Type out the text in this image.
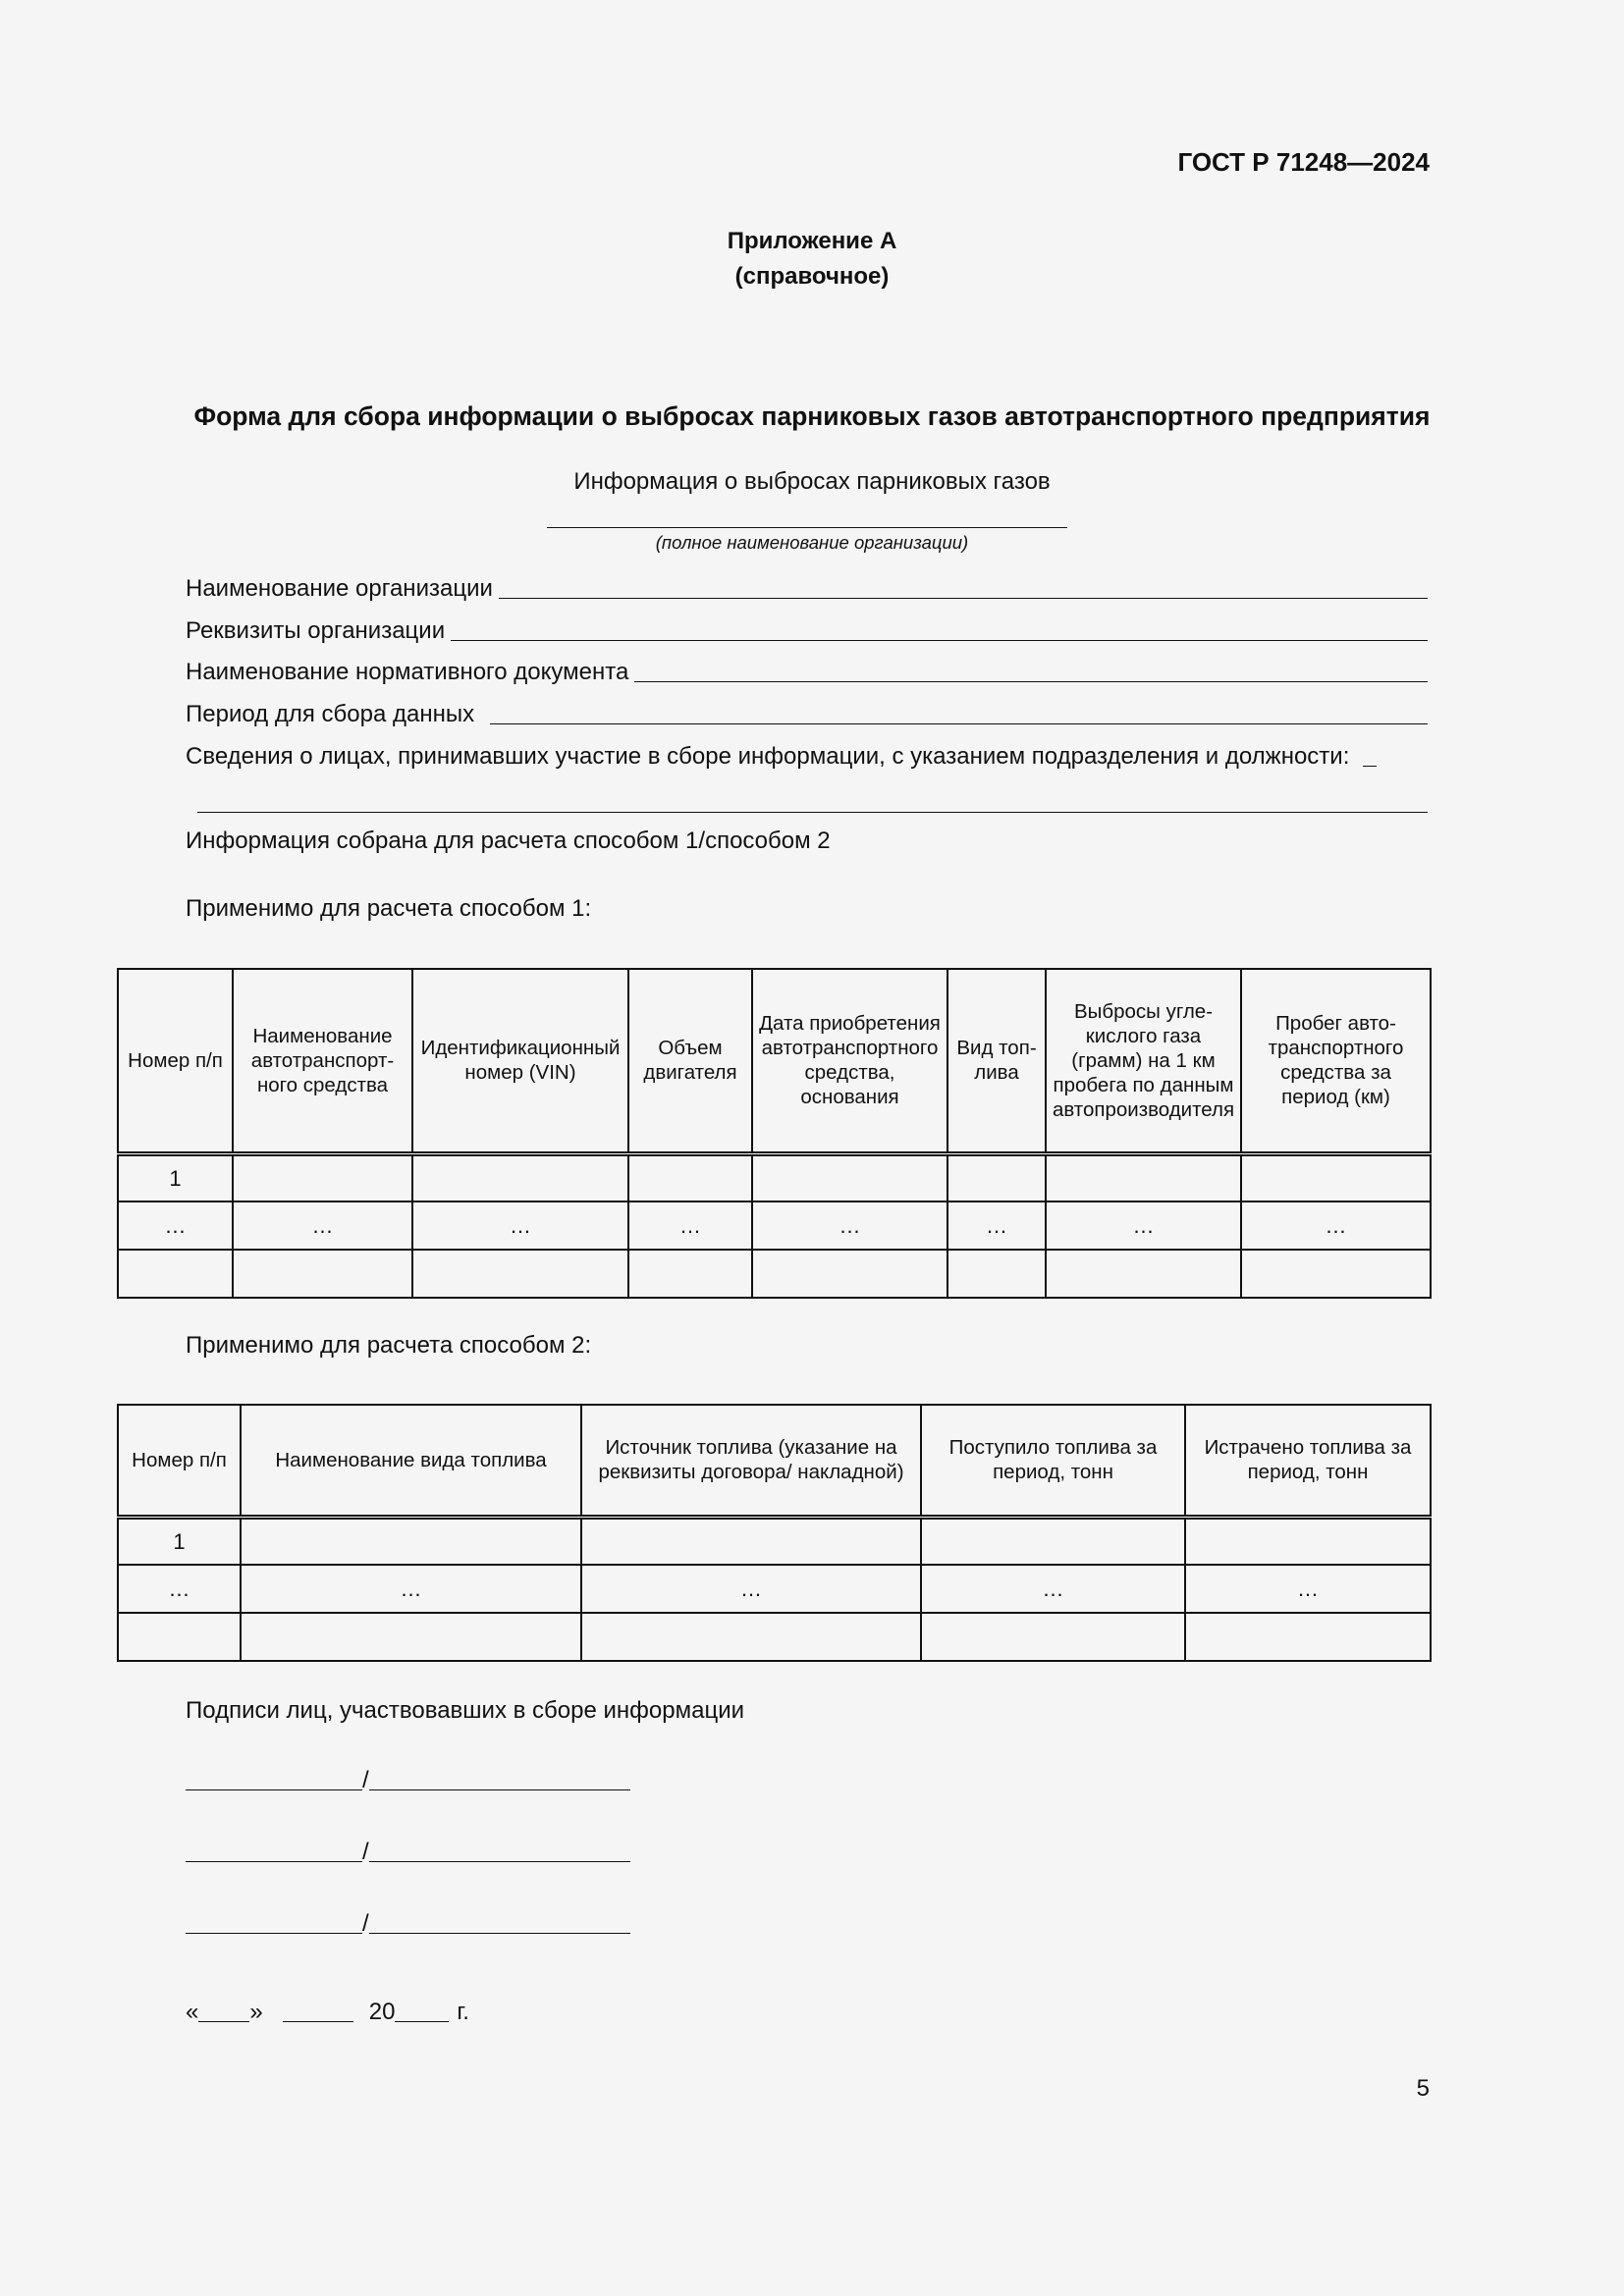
ГОСТ Р 71248—2024
Приложение А
(справочное)
Форма для сбора информации о выбросах парниковых газов автотранспортного предприятия
Информация о выбросах парниковых газов
(полное наименование организации)
Наименование организации
Реквизиты организации
Наименование нормативного документа
Период для сбора данных
Сведения о лицах, принимавших участие в сборе информации, с указанием подразделения и должности:
Информация собрана для расчета способом 1/способом 2
Применимо для расчета способом 1:
Номер п/п	Наименование автотранспортного средства	Идентификационный номер (VIN)	Объем двигателя	Дата приобретения автотранспортного средства, основания	Вид топлива	Выбросы углекислого газа (грамм) на 1 км пробега по данным автопроизводителя	Пробег автотранспортного средства за период (км)
1							
…	…	…	…	…	…	…	…

Применимо для расчета способом 2:
Номер п/п	Наименование вида топлива	Источник топлива (указание на реквизиты договора/ накладной)	Поступило топлива за период, тонн	Истрачено топлива за период, тонн
1				
…	…	…	…	…

Подписи лиц, участвовавших в сборе информации
/
/
/
« »	20	г.
5
